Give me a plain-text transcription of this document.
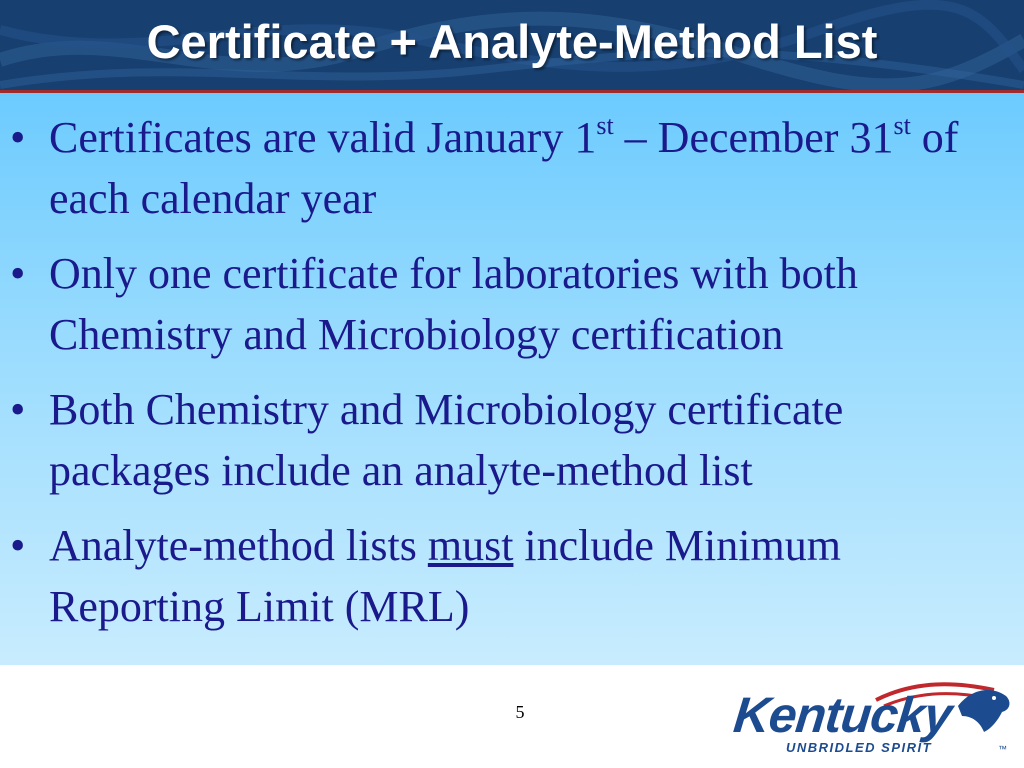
Certificate + Analyte-Method List
• Certificates are valid January 1st – December 31st of each calendar year
• Only one certificate for laboratories with both Chemistry and Microbiology certification
• Both Chemistry and Microbiology certificate packages include an analyte-method list
• Analyte-method lists must include Minimum Reporting Limit (MRL)
5
™
Kentucky
UNBRIDLED SPIRIT
